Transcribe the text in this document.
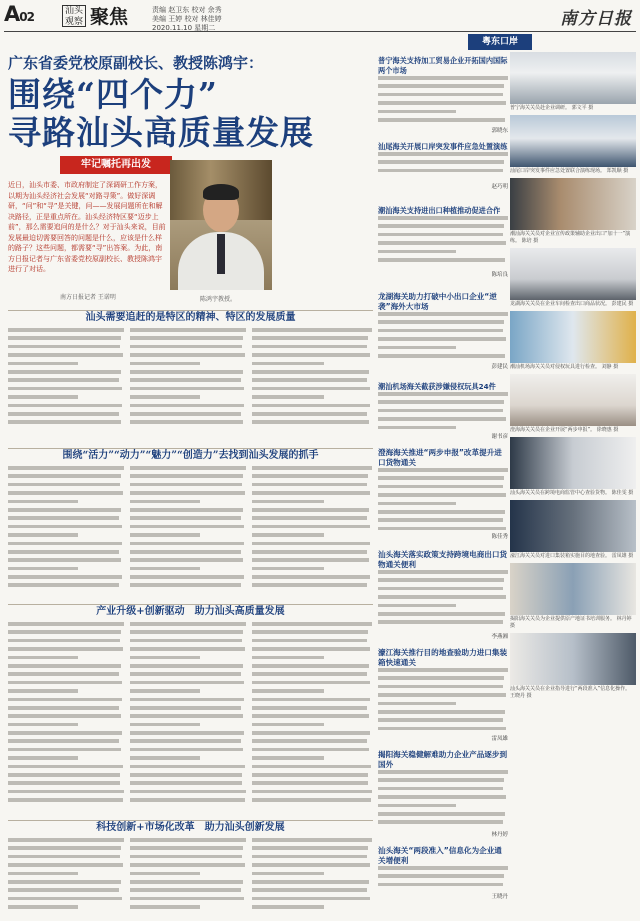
A02	汕头观察 聚焦	责编 赵卫东 校对 余秀
美编 王婷 校对 林佳婷
2020.11.10 星期二	南方日报
广东省委党校原副校长、教授陈鸿宇：
围绕“四个力”
寻路汕头高质量发展
牢记嘱托再出发
近日，汕头市委、市政府制定了深调研工作方案，以期为汕头经济社会发展“对路寻策”。做好深调研，“问”和“寻”是关键，问——发展问题所在和解决路径，正是重点所在。汕头经济特区要“迈步上前”，那么需要追问的是什么？对于汕头来说，目前发展最迫切需要回答的问题是什么，应该是什么样的路子？这些问题，都需要“寻”出答案。为此，南方日报记者与广东省委党校原副校长、教授陈鸿宇进行了对话。
南方日报记者 王诺明	陈鸿宇教授。
汕头需要追赶的是特区的精神、特区的发展质量
围绕“活力”“动力”“魅力”“创造力”去找到汕头发展的抓手
产业升级+创新驱动　助力汕头高质量发展
科技创新+市场化改革　助力汕头创新发展
粤东口岸
普宁海关支持加工贸易企业开拓国内国际两个市场
郭晓东
汕尾海关开展口岸突发事件应急处置演练
赵巧明
潮汕海关支持进出口种植推动促进合作
陈培良
龙湖海关助力打破中小出口企业“逆袭”海外大市场
彭建民
潮汕机场海关截获涉嫌侵权玩具24件
谢书彦
澄海海关推进“两步申报”改革提升进口货物通关
陈佳秀
汕头海关落实政策支持跨境电商出口货物通关便利
李燕湘
濠江海关推行目的地查验助力进口集装箱快速通关
雷凤雄
揭阳海关稳健解难助力企业产品逐步到国外
林丹婷
汕头海关“两段准入”信息化为企业通关增便利
王晓丹
普宁海关关员赴企业调研。 郭文平 摄
汕尾口岸突发事件应急处置联合演练现场。 郑凯顺 摄
潮汕海关关员对企业宣传政策辅助企业出口“加十一”演练。 陈培 摄
龙湖海关关员在企业车间检查出口商品状况。 彭建民 摄
潮汕机场海关关员对侵权玩具进行检查。 刘静 摄
澄海海关关员在企业开展“两步申报”。 徐晓惠 摄
汕头海关关员在跨境电商监管中心查验货物。 陈佳雯 摄
濠江海关关员对进口集装箱实施目的地查验。 雷凤雄 摄
揭阳海关关员为企业提供原产地证书培训服务。 林丹婷 摄
汕头海关关员在企业指导进行“两段准入”信息化操作。 王晓丹 摄
